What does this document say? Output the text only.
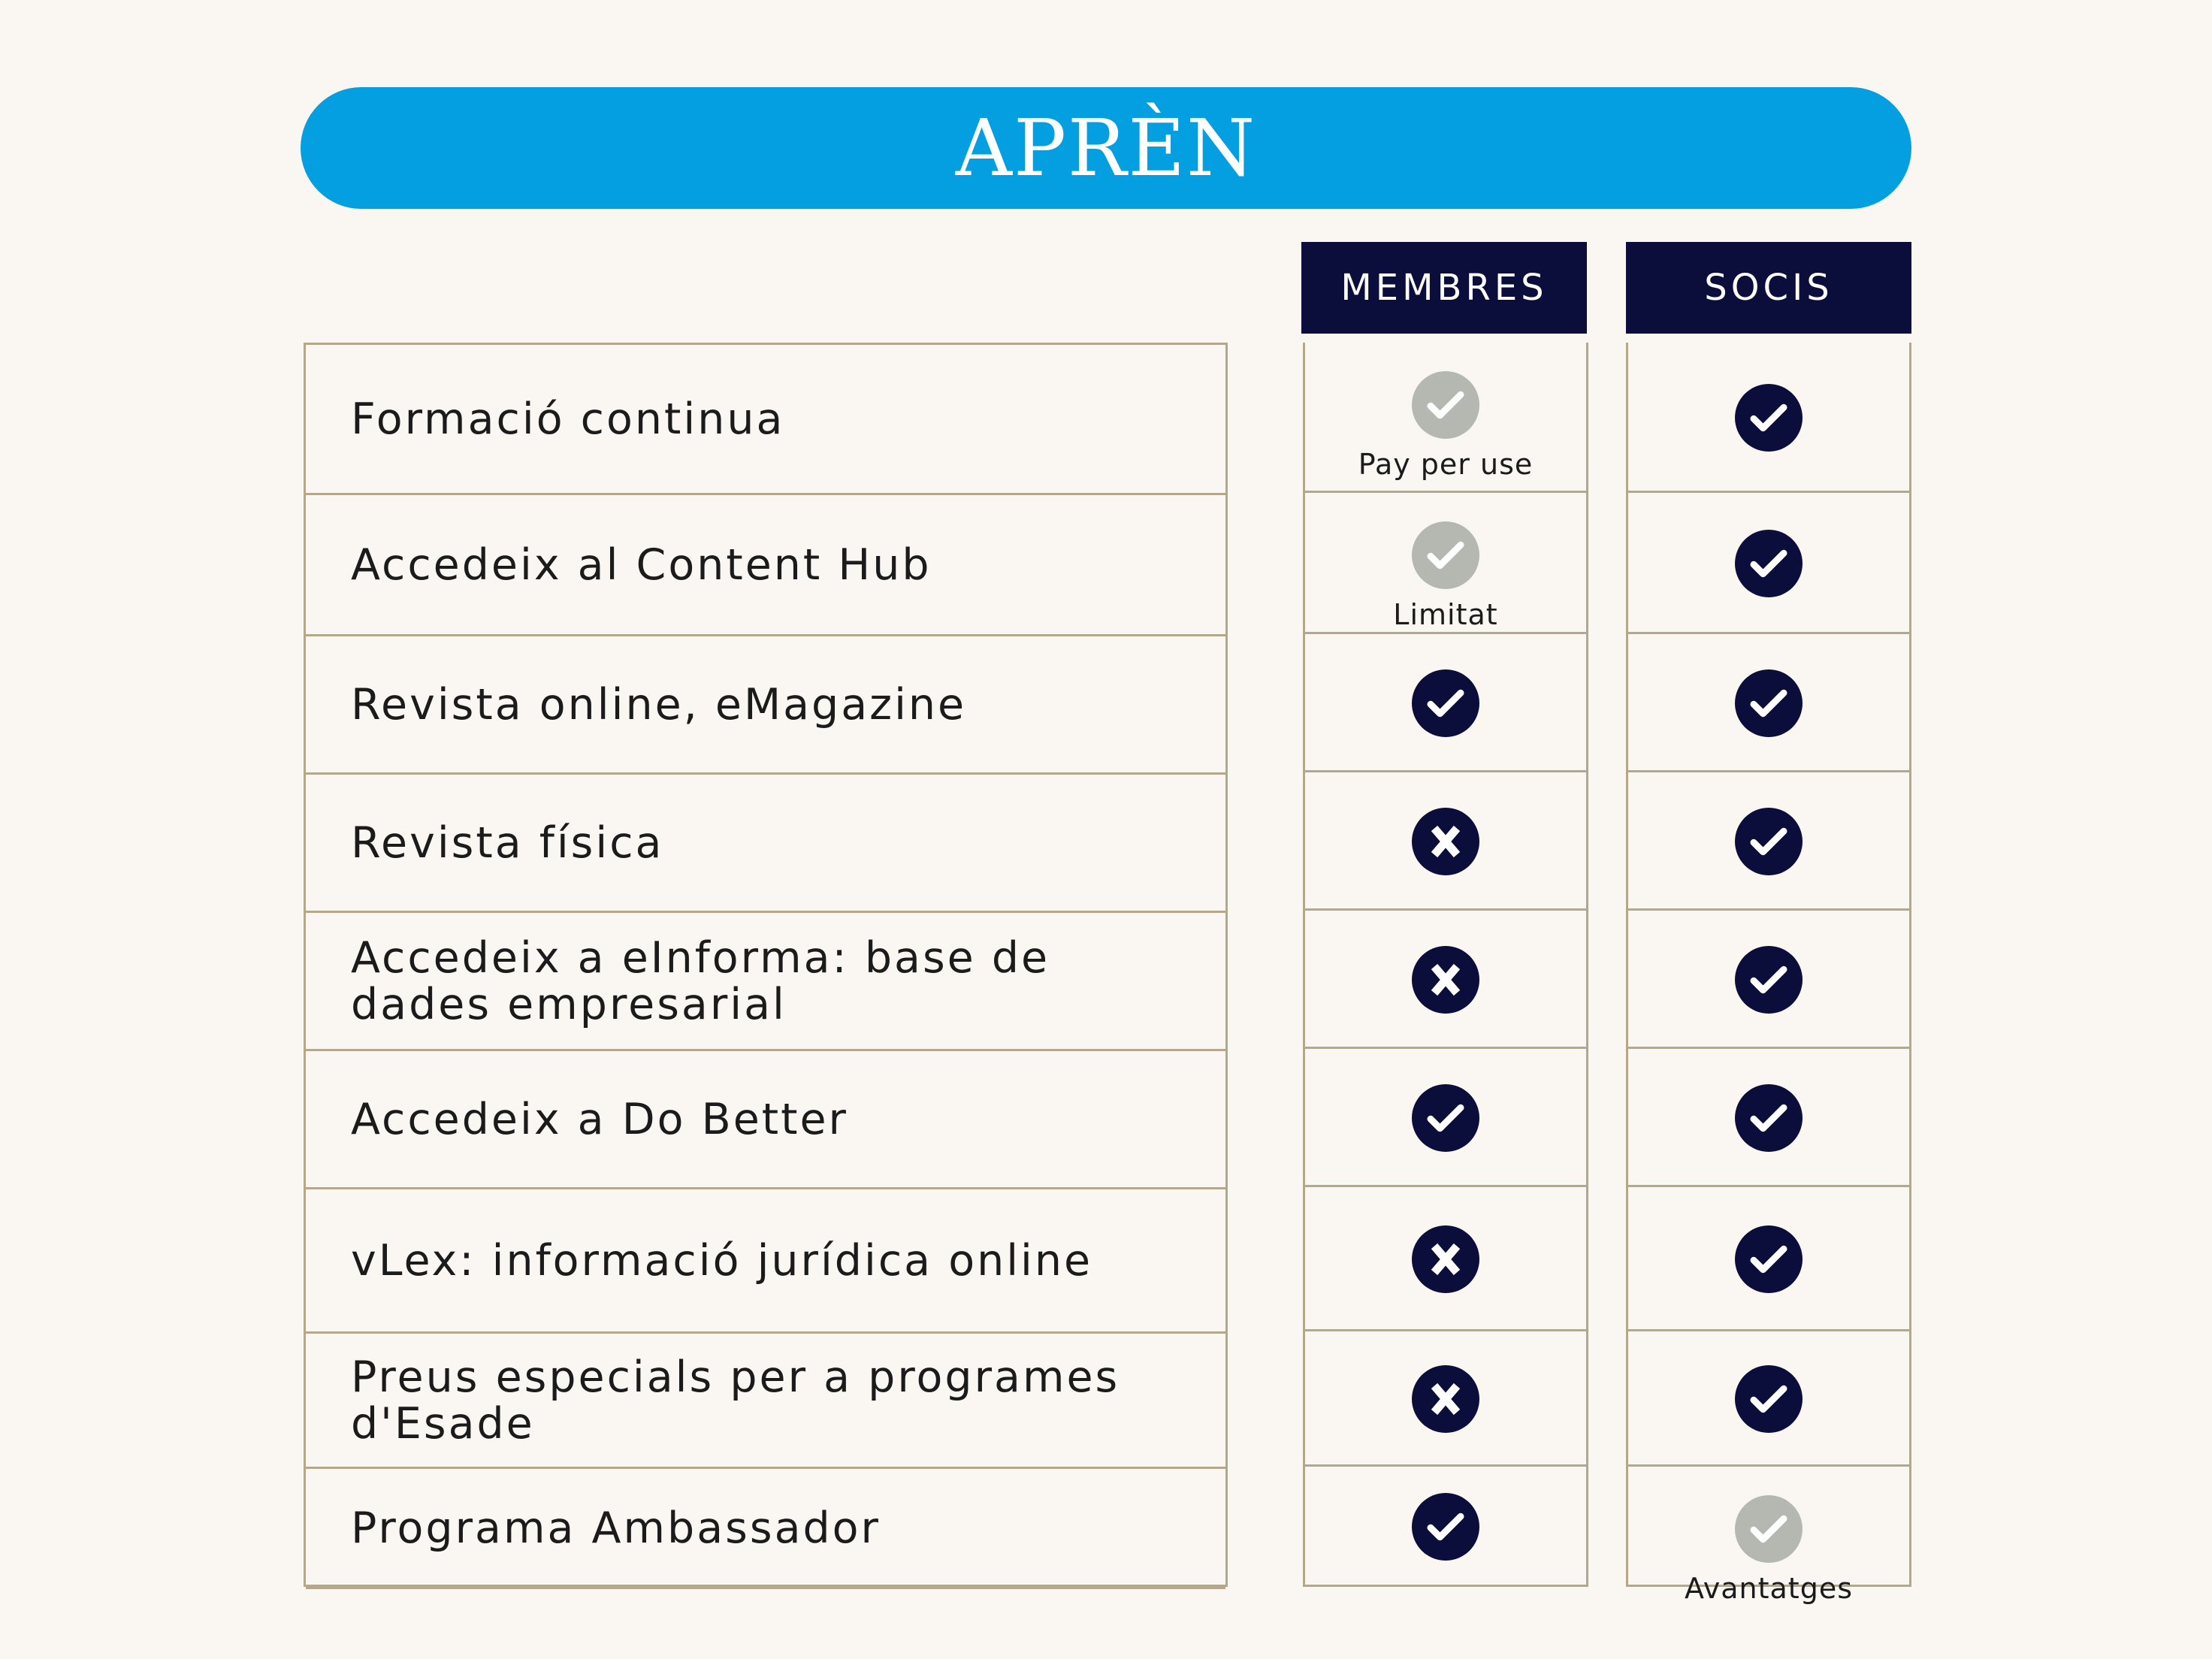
APRÈN
MEMBRES	SOCIS
Formació continua
Accedeix al Content Hub
Revista online, eMagazine
Revista física
Accedeix a eInforma: base de dades empresarial
Accedeix a Do Better
vLex: informació jurídica online
Preus especials per a programes d'Esade
Programa Ambassador
Pay per use
Limitat
Avantatges
